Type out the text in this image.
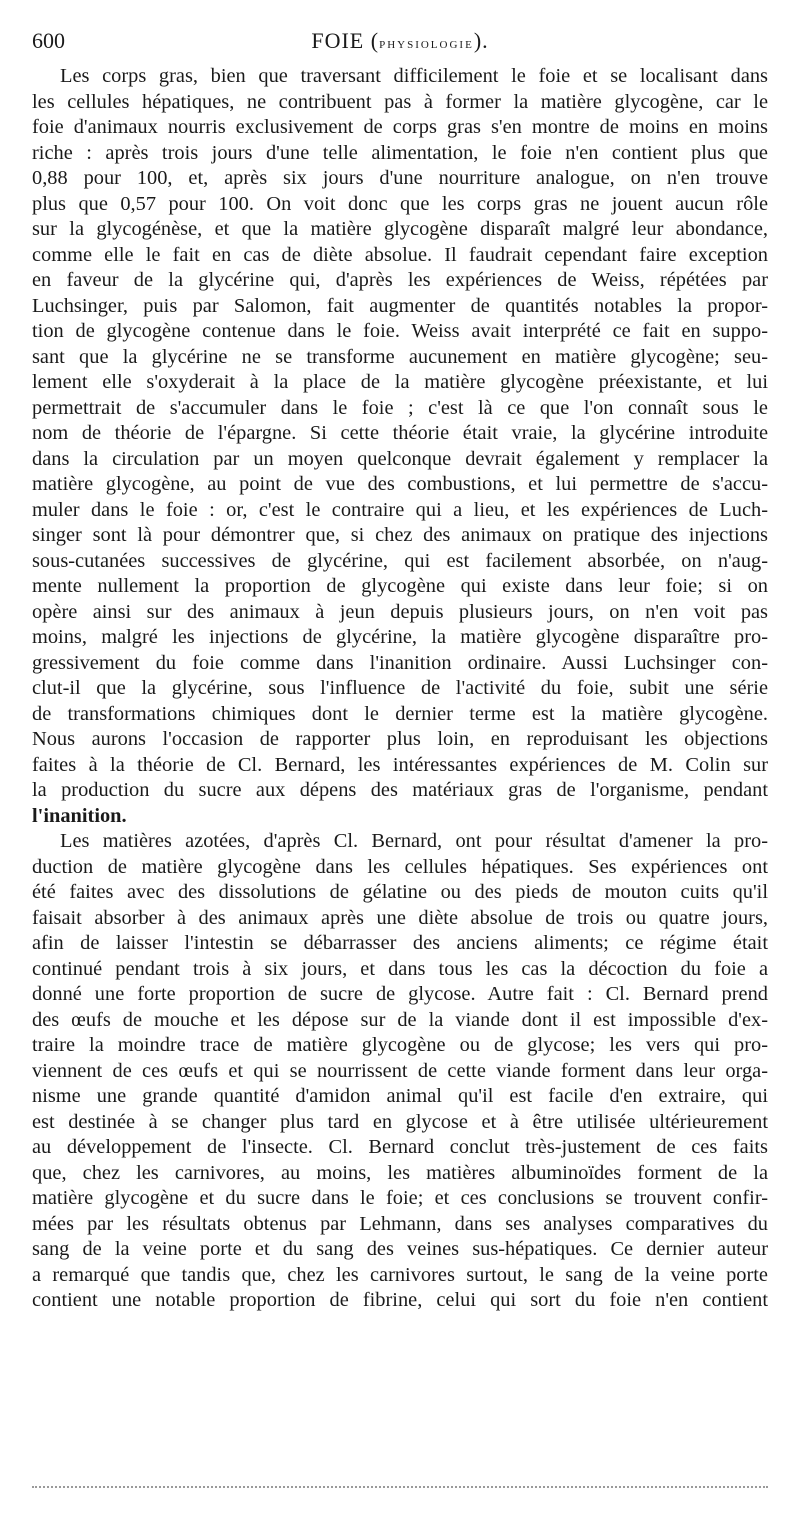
600	FOIE (physiologie).
Les corps gras, bien que traversant difficilement le foie et se localisant dans
les cellules hépatiques, ne contribuent pas à former la matière glycogène, car le
foie d'animaux nourris exclusivement de corps gras s'en montre de moins en moins
riche : après trois jours d'une telle alimentation, le foie n'en contient plus que
0,88 pour 100, et, après six jours d'une nourriture analogue, on n'en trouve
plus que 0,57 pour 100. On voit donc que les corps gras ne jouent aucun rôle
sur la glycogénèse, et que la matière glycogène disparaît malgré leur abondance,
comme elle le fait en cas de diète absolue. Il faudrait cependant faire exception
en faveur de la glycérine qui, d'après les expériences de Weiss, répétées par
Luchsinger, puis par Salomon, fait augmenter de quantités notables la propor-
tion de glycogène contenue dans le foie. Weiss avait interprété ce fait en suppo-
sant que la glycérine ne se transforme aucunement en matière glycogène; seu-
lement elle s'oxyderait à la place de la matière glycogène préexistante, et lui
permettrait de s'accumuler dans le foie ; c'est là ce que l'on connaît sous le
nom de théorie de l'épargne. Si cette théorie était vraie, la glycérine introduite
dans la circulation par un moyen quelconque devrait également y remplacer la
matière glycogène, au point de vue des combustions, et lui permettre de s'accu-
muler dans le foie : or, c'est le contraire qui a lieu, et les expériences de Luch-
singer sont là pour démontrer que, si chez des animaux on pratique des injections
sous-cutanées successives de glycérine, qui est facilement absorbée, on n'aug-
mente nullement la proportion de glycogène qui existe dans leur foie; si on
opère ainsi sur des animaux à jeun depuis plusieurs jours, on n'en voit pas
moins, malgré les injections de glycérine, la matière glycogène disparaître pro-
gressivement du foie comme dans l'inanition ordinaire. Aussi Luchsinger con-
clut-il que la glycérine, sous l'influence de l'activité du foie, subit une série
de transformations chimiques dont le dernier terme est la matière glycogène.
Nous aurons l'occasion de rapporter plus loin, en reproduisant les objections
faites à la théorie de Cl. Bernard, les intéressantes expériences de M. Colin sur
la production du sucre aux dépens des matériaux gras de l'organisme, pendant
l'inanition.
Les matières azotées, d'après Cl. Bernard, ont pour résultat d'amener la pro-
duction de matière glycogène dans les cellules hépatiques. Ses expériences ont
été faites avec des dissolutions de gélatine ou des pieds de mouton cuits qu'il
faisait absorber à des animaux après une diète absolue de trois ou quatre jours,
afin de laisser l'intestin se débarrasser des anciens aliments; ce régime était
continué pendant trois à six jours, et dans tous les cas la décoction du foie a
donné une forte proportion de sucre de glycose. Autre fait : Cl. Bernard prend
des œufs de mouche et les dépose sur de la viande dont il est impossible d'ex-
traire la moindre trace de matière glycogène ou de glycose; les vers qui pro-
viennent de ces œufs et qui se nourrissent de cette viande forment dans leur orga-
nisme une grande quantité d'amidon animal qu'il est facile d'en extraire, qui
est destinée à se changer plus tard en glycose et à être utilisée ultérieurement
au développement de l'insecte. Cl. Bernard conclut très-justement de ces faits
que, chez les carnivores, au moins, les matières albuminoïdes forment de la
matière glycogène et du sucre dans le foie; et ces conclusions se trouvent confir-
mées par les résultats obtenus par Lehmann, dans ses analyses comparatives du
sang de la veine porte et du sang des veines sus-hépatiques. Ce dernier auteur
a remarqué que tandis que, chez les carnivores surtout, le sang de la veine porte
contient une notable proportion de fibrine, celui qui sort du foie n'en contient
